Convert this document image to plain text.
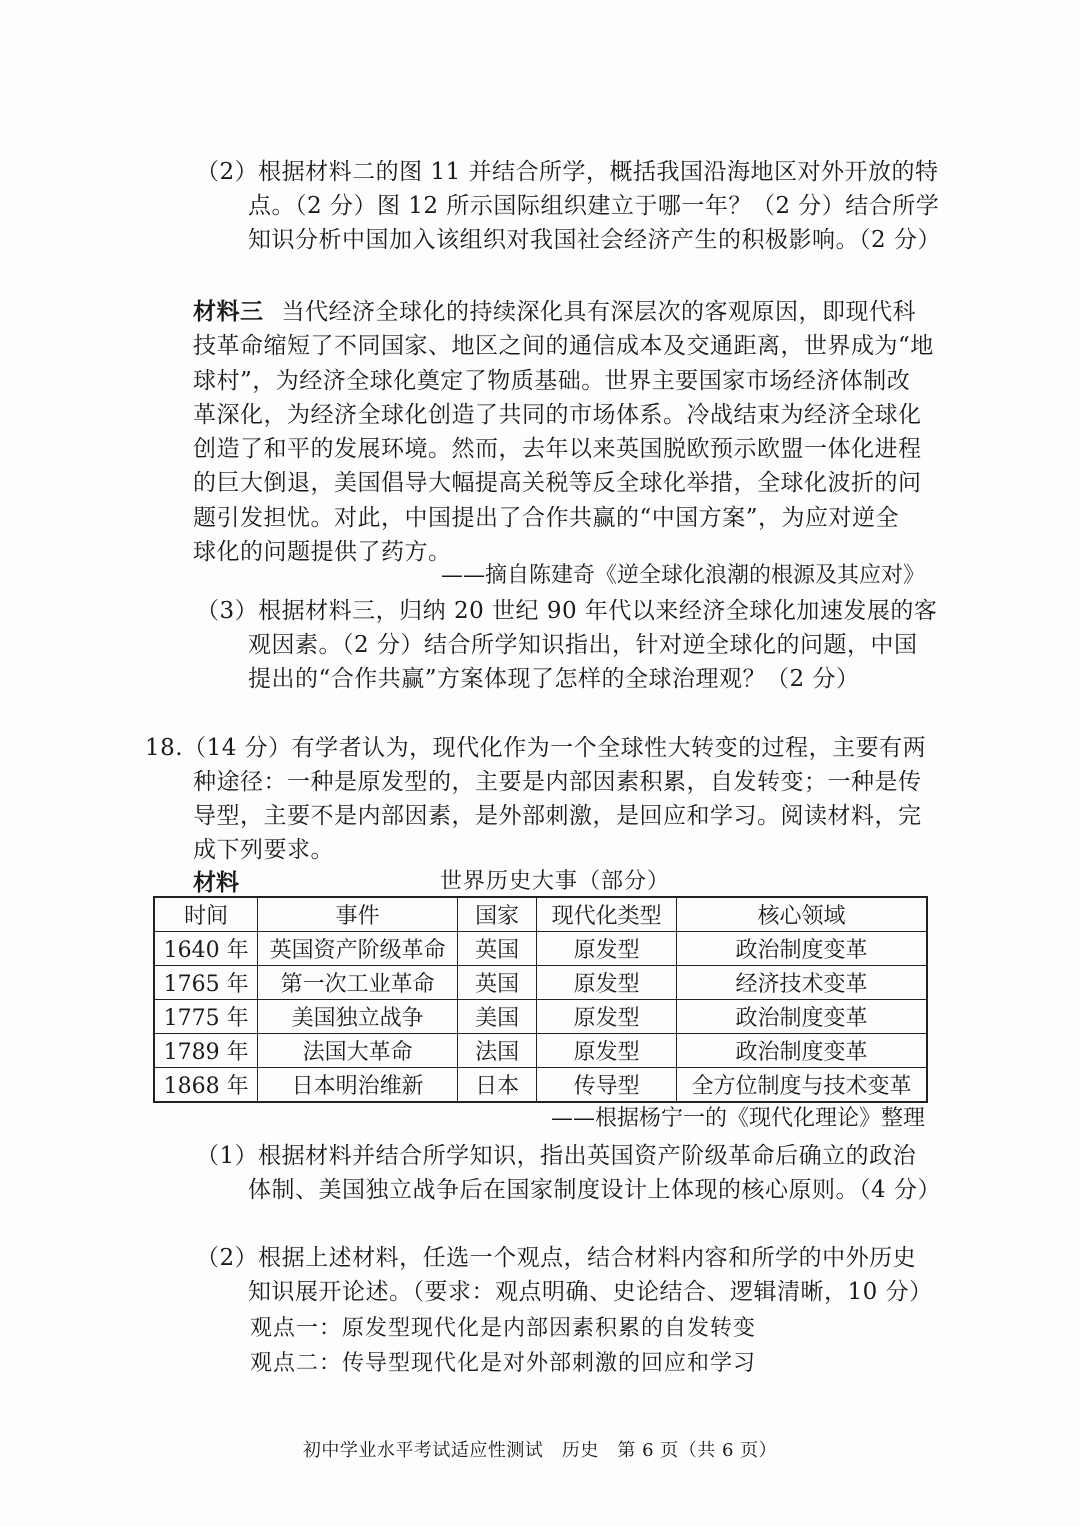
（2）根据材料二的图 11 并结合所学，概括我国沿海地区对外开放的特
点。（2 分）图 12 所示国际组织建立于哪一年？（2 分）结合所学
知识分析中国加入该组织对我国社会经济产生的积极影响。（2 分）
材料三 当代经济全球化的持续深化具有深层次的客观原因，即现代科
技革命缩短了不同国家、地区之间的通信成本及交通距离，世界成为“地
球村”，为经济全球化奠定了物质基础。世界主要国家市场经济体制改
革深化，为经济全球化创造了共同的市场体系。冷战结束为经济全球化
创造了和平的发展环境。然而，去年以来英国脱欧预示欧盟一体化进程
的巨大倒退，美国倡导大幅提高关税等反全球化举措，全球化波折的问
题引发担忧。对此，中国提出了合作共赢的“中国方案”，为应对逆全
球化的问题提供了药方。
——摘自陈建奇《逆全球化浪潮的根源及其应对》
（3）根据材料三，归纳 20 世纪 90 年代以来经济全球化加速发展的客
观因素。（2 分）结合所学知识指出，针对逆全球化的问题，中国
提出的“合作共赢”方案体现了怎样的全球治理观？（2 分）
18.（14 分）有学者认为，现代化作为一个全球性大转变的过程，主要有两
种途径：一种是原发型的，主要是内部因素积累，自发转变；一种是传
导型，主要不是内部因素，是外部刺激，是回应和学习。阅读材料，完
成下列要求。
材料	世界历史大事（部分）
时间	事件	国家	现代化类型	核心领域
1640 年	英国资产阶级革命	英国	原发型	政治制度变革
1765 年	第一次工业革命	英国	原发型	经济技术变革
1775 年	美国独立战争	美国	原发型	政治制度变革
1789 年	法国大革命	法国	原发型	政治制度变革
1868 年	日本明治维新	日本	传导型	全方位制度与技术变革
——根据杨宁一的《现代化理论》整理
（1）根据材料并结合所学知识，指出英国资产阶级革命后确立的政治
体制、美国独立战争后在国家制度设计上体现的核心原则。（4 分）
（2）根据上述材料，任选一个观点，结合材料内容和所学的中外历史
知识展开论述。（要求：观点明确、史论结合、逻辑清晰，10 分）
观点一：原发型现代化是内部因素积累的自发转变
观点二：传导型现代化是对外部刺激的回应和学习
初中学业水平考试适应性测试　历史　第 6 页（共 6 页）
